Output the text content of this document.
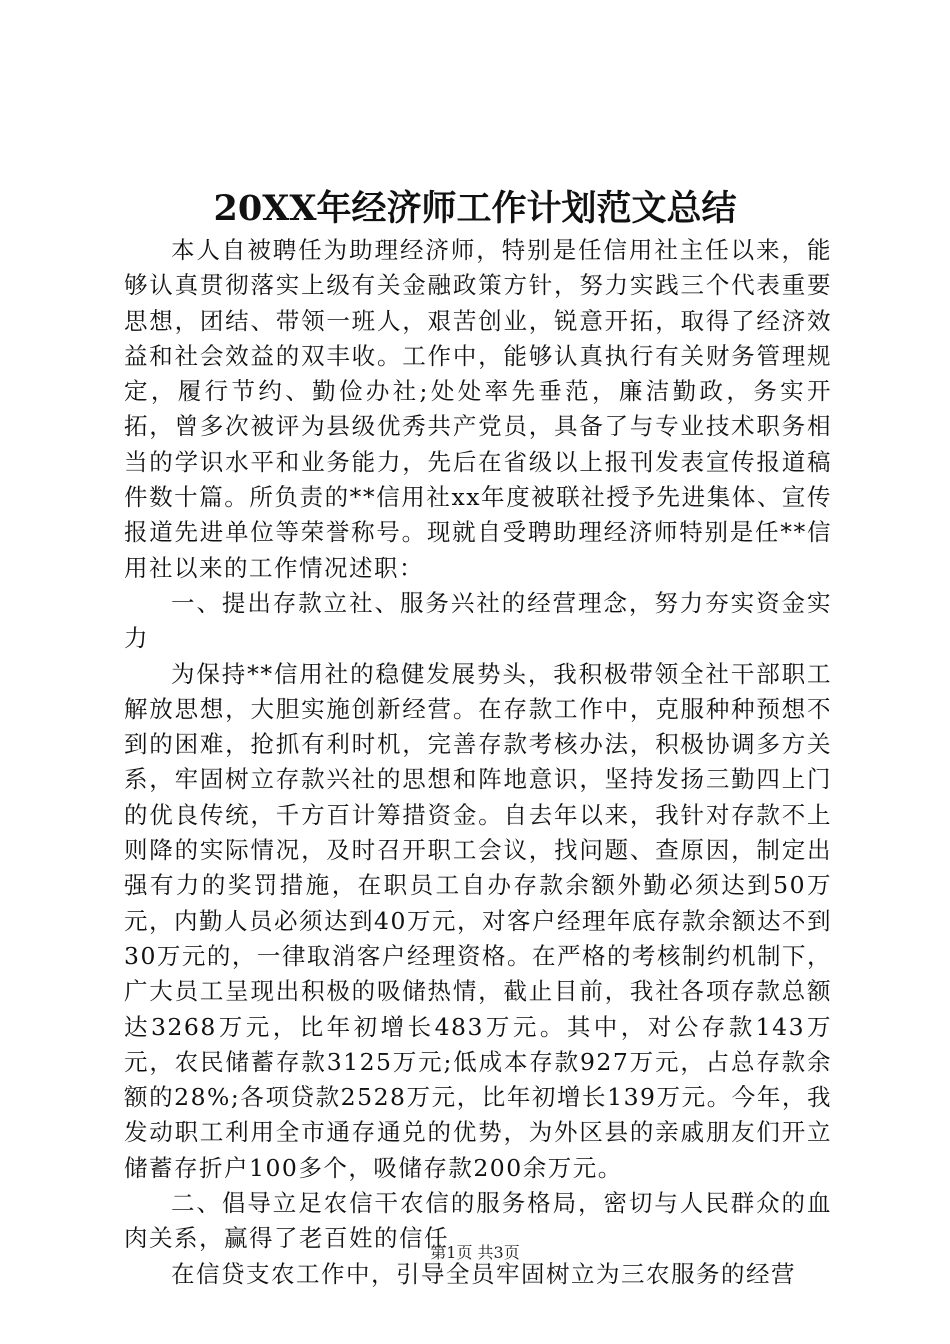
20XX年经济师工作计划范文总结

本人自被聘任为助理经济师，特别是任信用社主任以来，能够认真贯彻落实上级有关金融政策方针，努力实践三个代表重要思想，团结、带领一班人，艰苦创业，锐意开拓，取得了经济效益和社会效益的双丰收。工作中，能够认真执行有关财务管理规定，履行节约、勤俭办社;处处率先垂范，廉洁勤政，务实开拓，曾多次被评为县级优秀共产党员，具备了与专业技术职务相当的学识水平和业务能力，先后在省级以上报刊发表宣传报道稿件数十篇。所负责的**信用社xx年度被联社授予先进集体、宣传报道先进单位等荣誉称号。现就自受聘助理经济师特别是任**信用社以来的工作情况述职：

一、提出存款立社、服务兴社的经营理念，努力夯实资金实力

为保持**信用社的稳健发展势头，我积极带领全社干部职工解放思想，大胆实施创新经营。在存款工作中，克服种种预想不到的困难，抢抓有利时机，完善存款考核办法，积极协调多方关系，牢固树立存款兴社的思想和阵地意识，坚持发扬三勤四上门的优良传统，千方百计筹措资金。自去年以来，我针对存款不上则降的实际情况，及时召开职工会议，找问题、查原因，制定出强有力的奖罚措施，在职员工自办存款余额外勤必须达到50万元，内勤人员必须达到40万元，对客户经理年底存款余额达不到30万元的，一律取消客户经理资格。在严格的考核制约机制下，广大员工呈现出积极的吸储热情，截止目前，我社各项存款总额达3268万元，比年初增长483万元。其中，对公存款143万元，农民储蓄存款3125万元;低成本存款927万元，占总存款余额的28%;各项贷款2528万元，比年初增长139万元。今年，我发动职工利用全市通存通兑的优势，为外区县的亲戚朋友们开立储蓄存折户100多个，吸储存款200余万元。

二、倡导立足农信干农信的服务格局，密切与人民群众的血肉关系，赢得了老百姓的信任

在信贷支农工作中，引导全员牢固树立为三农服务的经营

第1页 共3页
